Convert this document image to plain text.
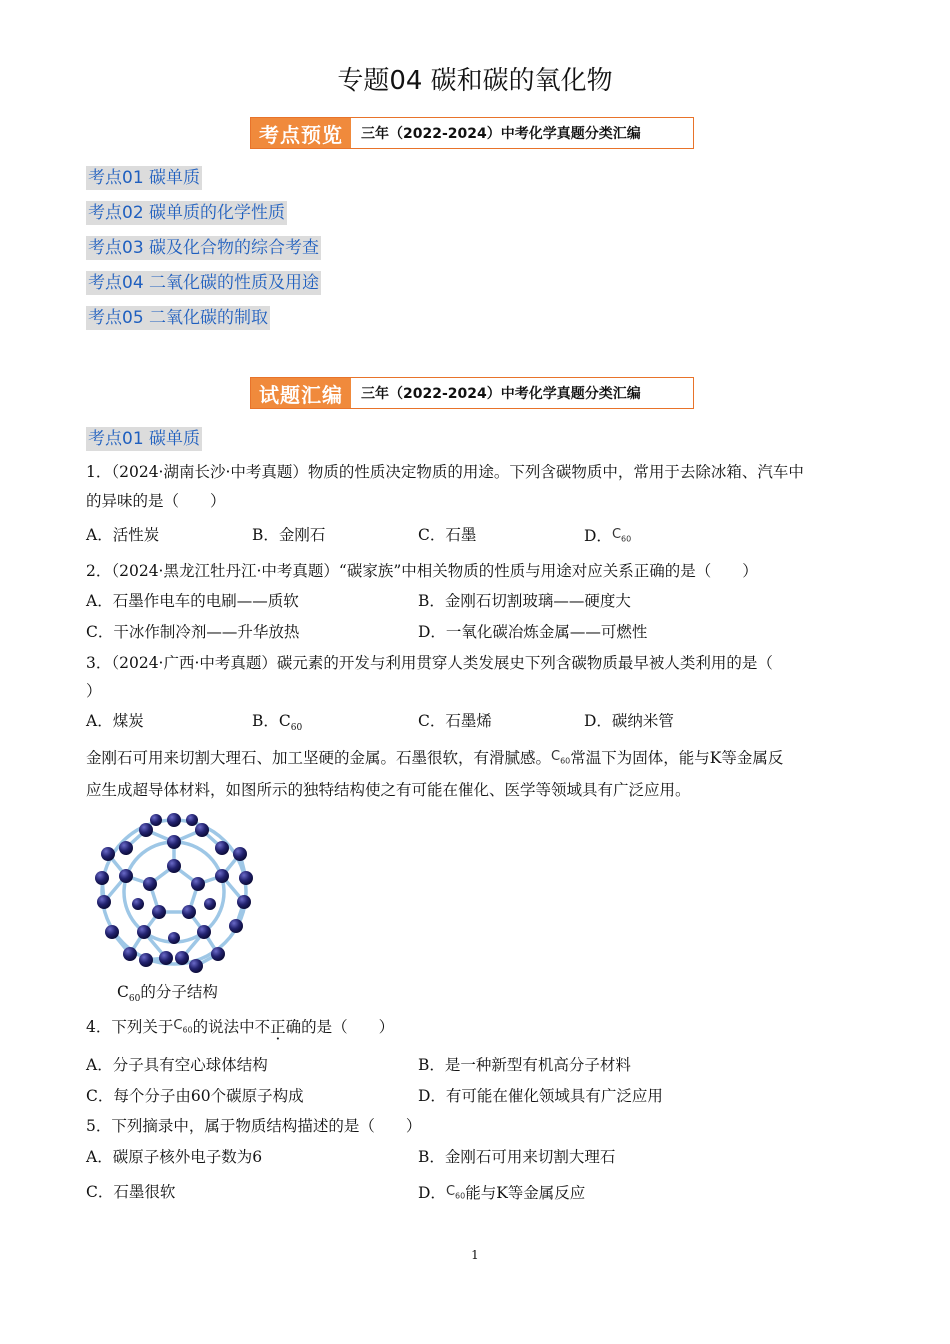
专题04 碳和碳的氧化物
考点预览	三年（2022-2024）中考化学真题分类汇编
考点01 碳单质
考点02 碳单质的化学性质
考点03 碳及化合物的综合考查
考点04 二氧化碳的性质及用途
考点05 二氧化碳的制取
试题汇编	三年（2022-2024）中考化学真题分类汇编
考点01 碳单质
1．（2024·湖南长沙·中考真题）物质的性质决定物质的用途。下列含碳物质中，常用于去除冰箱、汽车中
的异味的是（　　）
A．活性炭	B．金刚石	C．石墨	D．$C_{60}$
2．（2024·黑龙江牡丹江·中考真题）“碳家族”中相关物质的性质与用途对应关系正确的是（　　）
A．石墨作电车的电刷——质软	B．金刚石切割玻璃——硬度大
C．干冰作制冷剂——升华放热	D．一氧化碳冶炼金属——可燃性
3．（2024·广西·中考真题）碳元素的开发与利用贯穿人类发展史下列含碳物质最早被人类利用的是（
）
A．煤炭	B．$C_{60}$	C．石墨烯	D．碳纳米管
金刚石可用来切割大理石、加工坚硬的金属。石墨很软，有滑腻感。$C_{60}$常温下为固体，能与K等金属反
应生成超导体材料，如图所示的独特结构使之有可能在催化、医学等领域具有广泛应用。
$C_{60}$的分子结构
4．下列关于$C_{60}$的说法中不正确的是（　　）
A．分子具有空心球体结构	B．是一种新型有机高分子材料
C．每个分子由60个碳原子构成	D．有可能在催化领域具有广泛应用
5．下列摘录中，属于物质结构描述的是（　　）
A．碳原子核外电子数为6	B．金刚石可用来切割大理石
C．石墨很软	D．$C_{60}$能与K等金属反应
1
